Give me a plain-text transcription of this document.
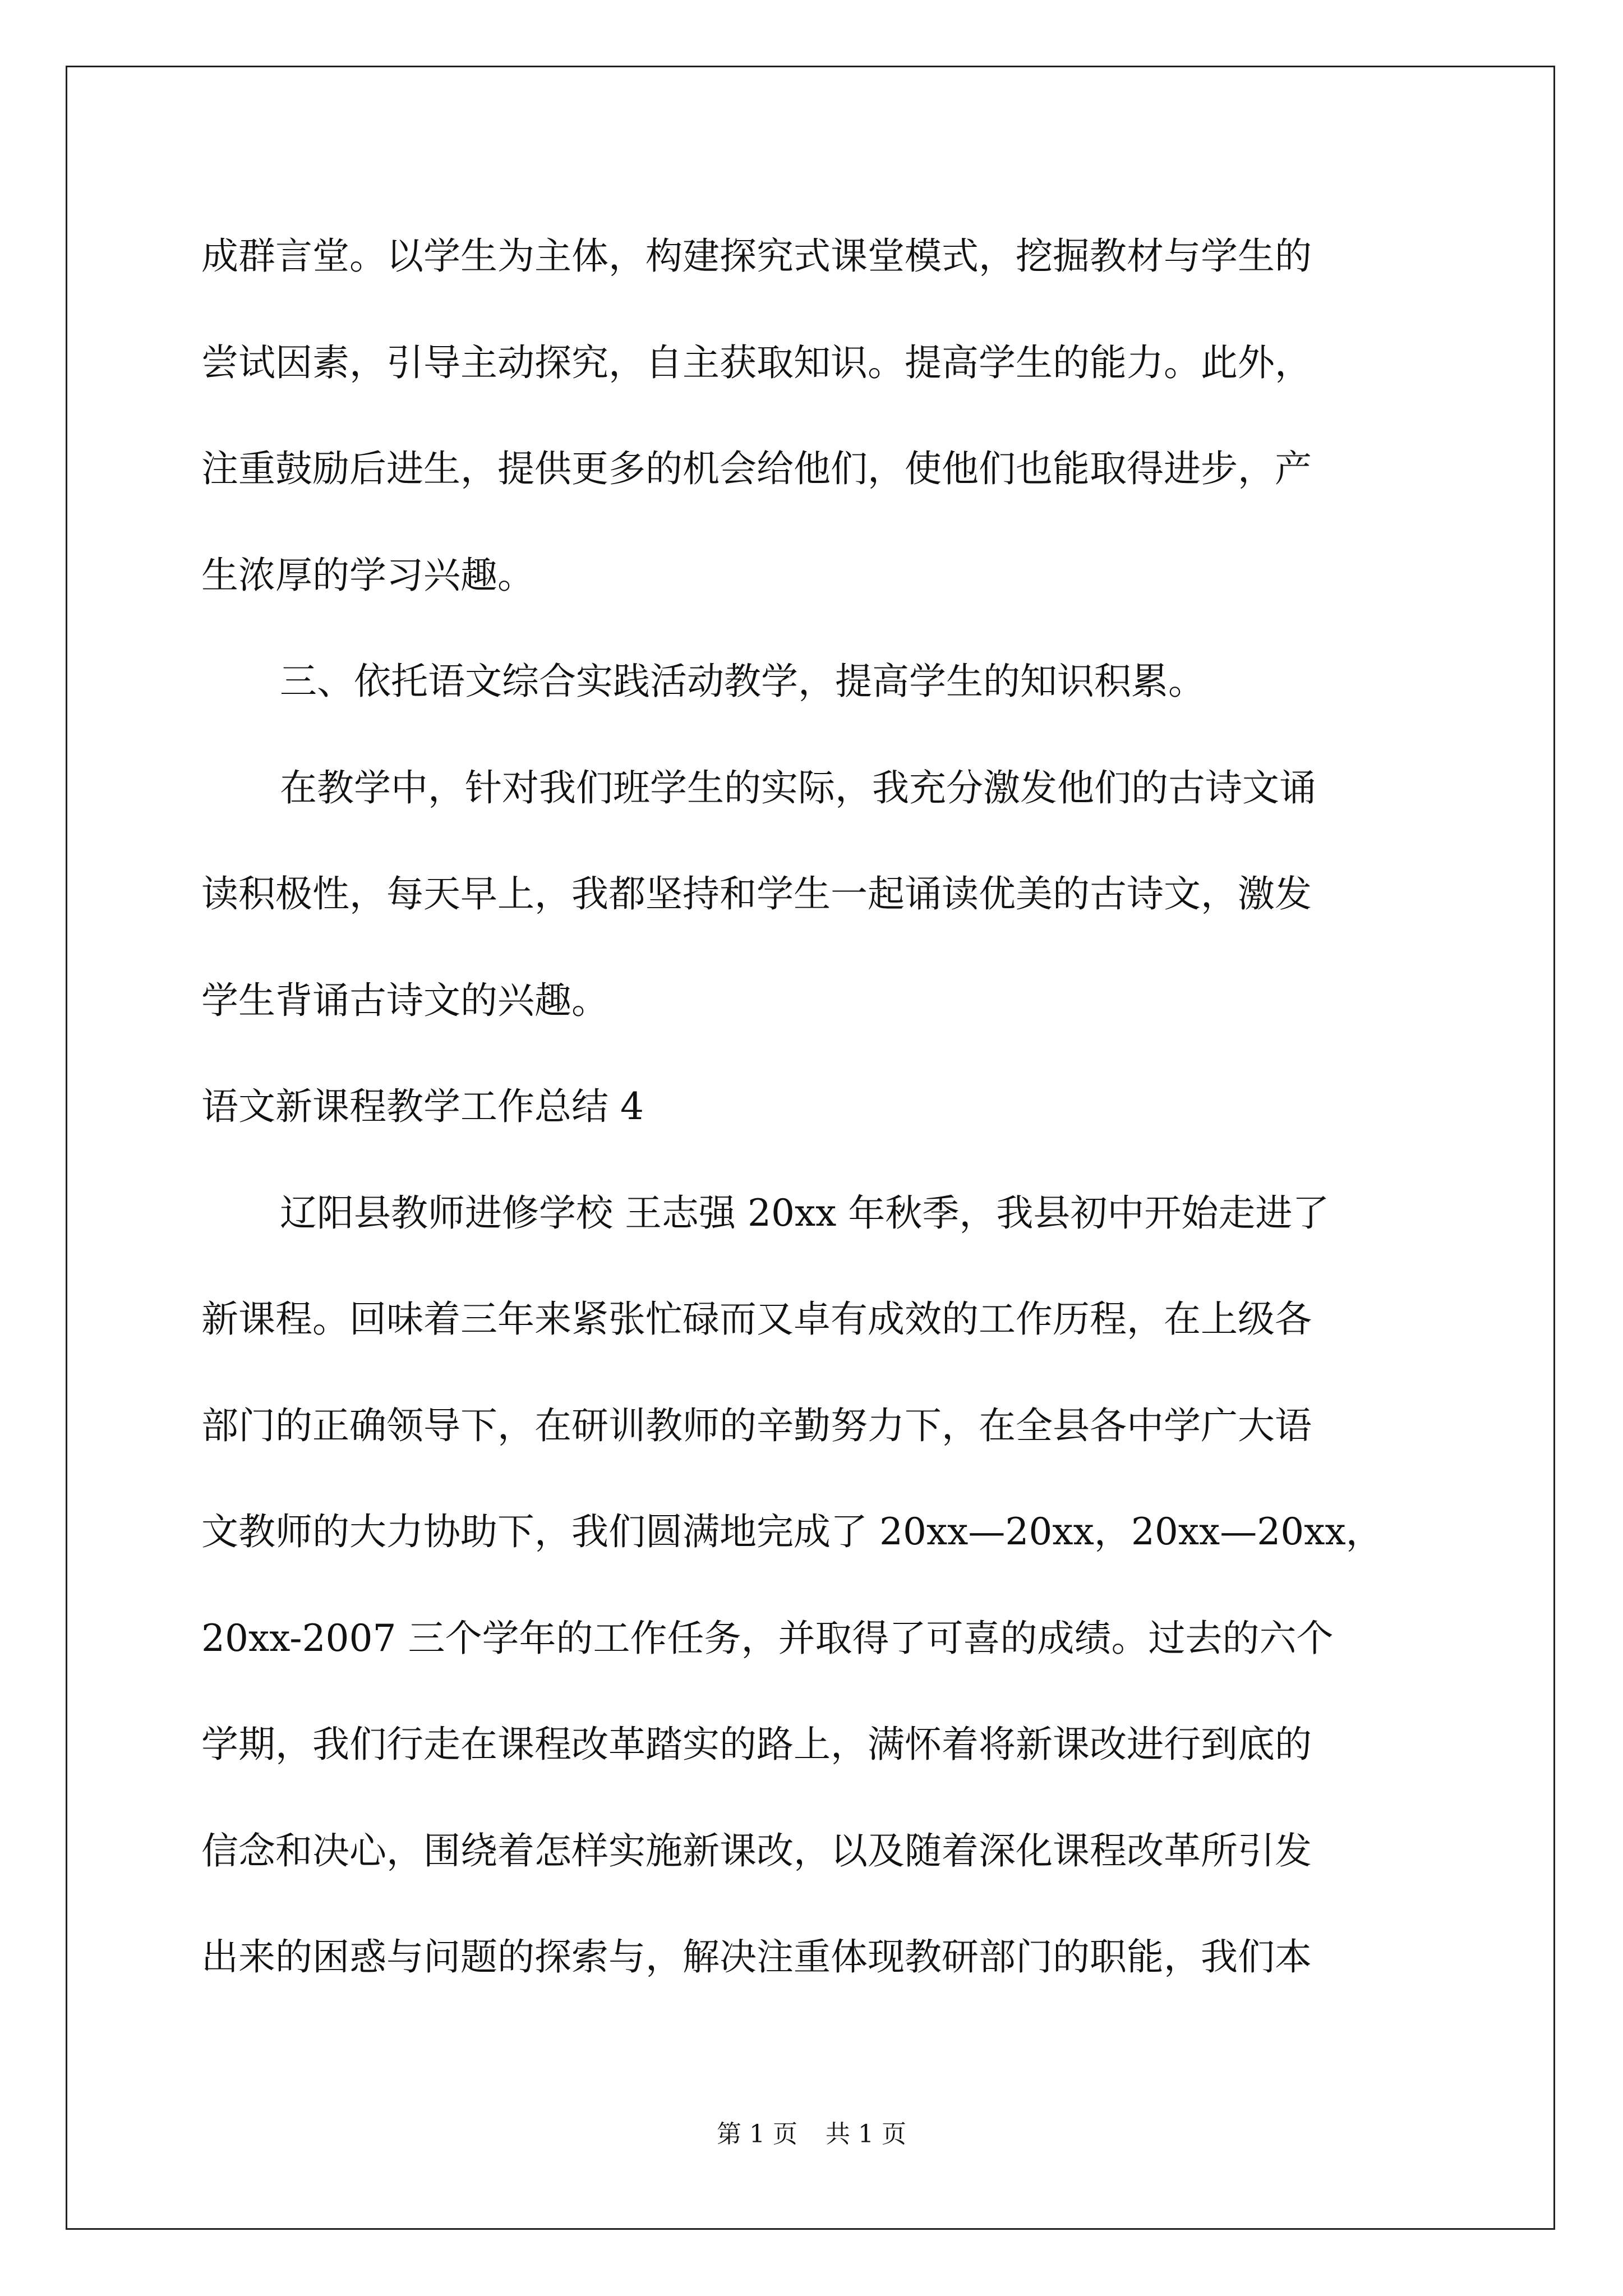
成群言堂。以学生为主体，构建探究式课堂模式，挖掘教材与学生的
尝试因素，引导主动探究，自主获取知识。提高学生的能力。此外，
注重鼓励后进生，提供更多的机会给他们，使他们也能取得进步，产
生浓厚的学习兴趣。
三、依托语文综合实践活动教学，提高学生的知识积累。
在教学中，针对我们班学生的实际，我充分激发他们的古诗文诵
读积极性，每天早上，我都坚持和学生一起诵读优美的古诗文，激发
学生背诵古诗文的兴趣。
语文新课程教学工作总结 4
辽阳县教师进修学校 王志强 20xx 年秋季，我县初中开始走进了
新课程。回味着三年来紧张忙碌而又卓有成效的工作历程，在上级各
部门的正确领导下，在研训教师的辛勤努力下，在全县各中学广大语
文教师的大力协助下，我们圆满地完成了 20xx—20xx，20xx—20xx，
20xx-2007 三个学年的工作任务，并取得了可喜的成绩。过去的六个
学期，我们行走在课程改革踏实的路上，满怀着将新课改进行到底的
信念和决心，围绕着怎样实施新课改，以及随着深化课程改革所引发
出来的困惑与问题的探索与，解决注重体现教研部门的职能，我们本
第 1 页 共 1 页
